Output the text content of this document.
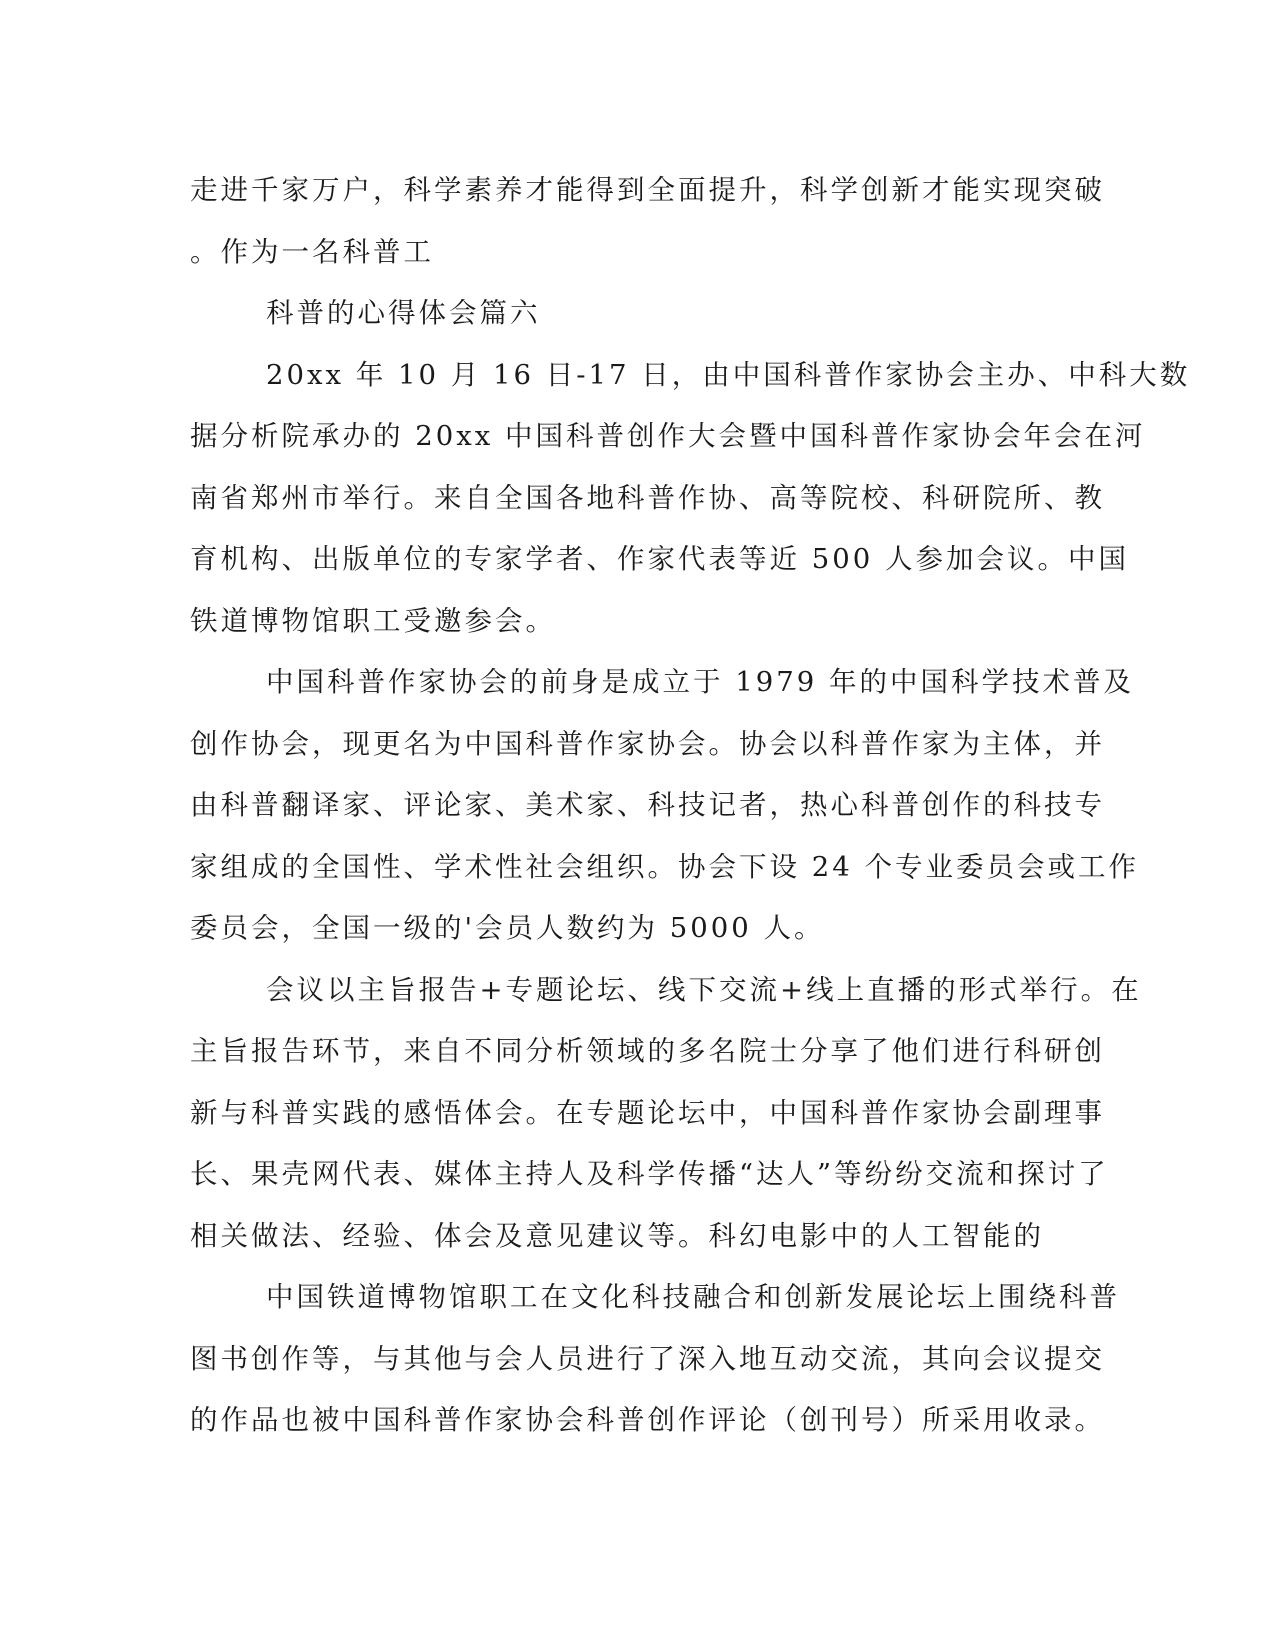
走进千家万户，科学素养才能得到全面提升，科学创新才能实现突破

。作为一名科普工

科普的心得体会篇六

20xx 年 10 月 16 日-17 日，由中国科普作家协会主办、中科大数

据分析院承办的 20xx 中国科普创作大会暨中国科普作家协会年会在河

南省郑州市举行。来自全国各地科普作协、高等院校、科研院所、教

育机构、出版单位的专家学者、作家代表等近 500 人参加会议。中国

铁道博物馆职工受邀参会。

中国科普作家协会的前身是成立于 1979 年的中国科学技术普及

创作协会，现更名为中国科普作家协会。协会以科普作家为主体，并

由科普翻译家、评论家、美术家、科技记者，热心科普创作的科技专

家组成的全国性、学术性社会组织。协会下设 24 个专业委员会或工作

委员会，全国一级的'会员人数约为 5000 人。

会议以主旨报告+专题论坛、线下交流+线上直播的形式举行。在

主旨报告环节，来自不同分析领域的多名院士分享了他们进行科研创

新与科普实践的感悟体会。在专题论坛中，中国科普作家协会副理事

长、果壳网代表、媒体主持人及科学传播“达人”等纷纷交流和探讨了

相关做法、经验、体会及意见建议等。科幻电影中的人工智能的

中国铁道博物馆职工在文化科技融合和创新发展论坛上围绕科普

图书创作等，与其他与会人员进行了深入地互动交流，其向会议提交

的作品也被中国科普作家协会科普创作评论（创刊号）所采用收录。
